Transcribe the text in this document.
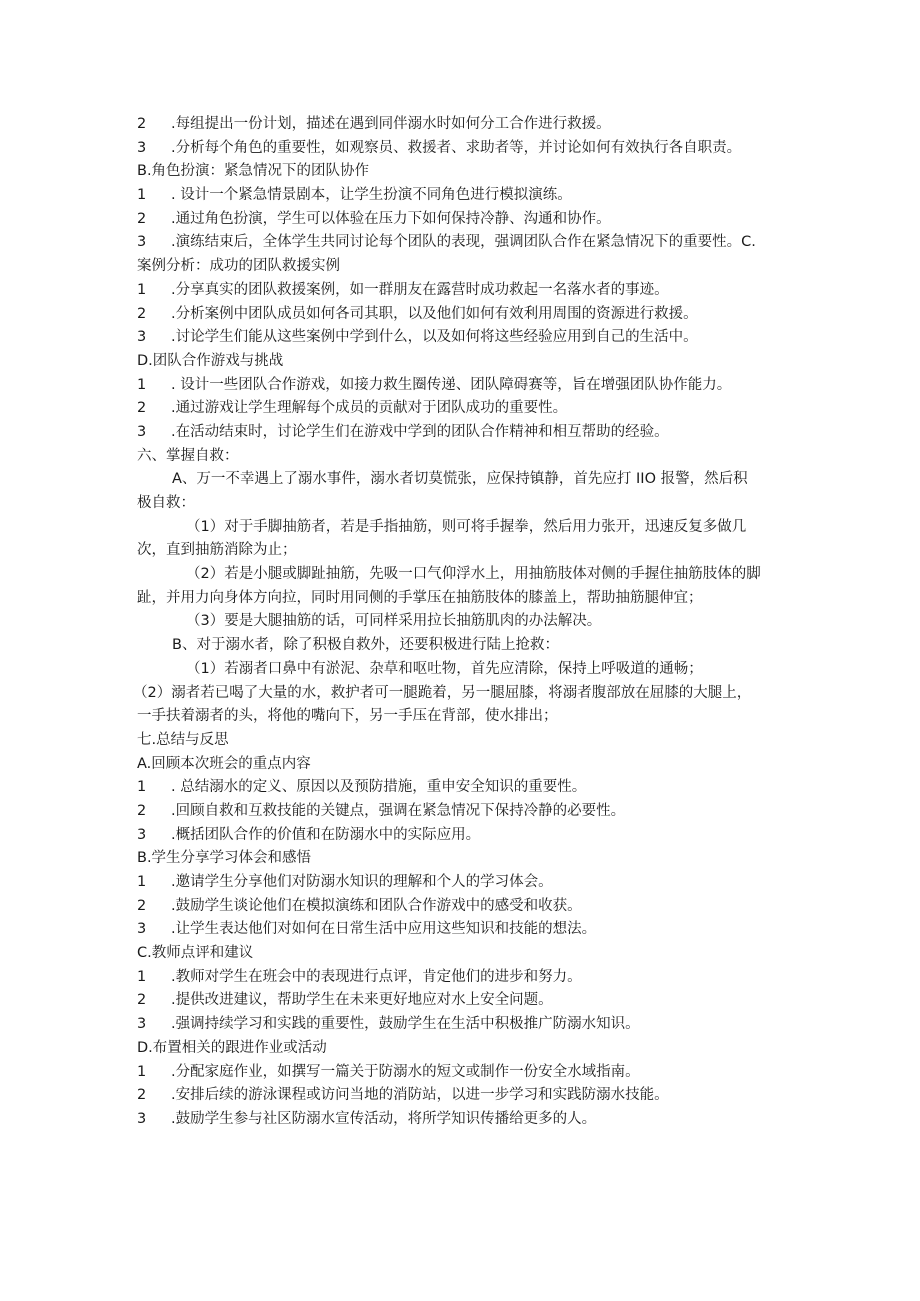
2 .每组提出一份计划，描述在遇到同伴溺水时如何分工合作进行救援。
3 .分析每个角色的重要性，如观察员、救援者、求助者等，并讨论如何有效执行各自职责。
B.角色扮演：紧急情况下的团队协作
1 . 设计一个紧急情景剧本，让学生扮演不同角色进行模拟演练。
2 .通过角色扮演，学生可以体验在压力下如何保持冷静、沟通和协作。
3 .演练结束后，全体学生共同讨论每个团队的表现，强调团队合作在紧急情况下的重要性。C.
案例分析：成功的团队救援实例
1 .分享真实的团队救援案例，如一群朋友在露营时成功救起一名落水者的事迹。
2 .分析案例中团队成员如何各司其职，以及他们如何有效利用周围的资源进行救援。
3 .讨论学生们能从这些案例中学到什么，以及如何将这些经验应用到自己的生活中。
D.团队合作游戏与挑战
1 . 设计一些团队合作游戏，如接力救生圈传递、团队障碍赛等，旨在增强团队协作能力。
2 .通过游戏让学生理解每个成员的贡献对于团队成功的重要性。
3 .在活动结束时，讨论学生们在游戏中学到的团队合作精神和相互帮助的经验。
六、掌握自救：
A、万一不幸遇上了溺水事件，溺水者切莫慌张，应保持镇静，首先应打 IIO 报警，然后积
极自救：
（1）对于手脚抽筋者，若是手指抽筋，则可将手握拳，然后用力张开，迅速反复多做几
次，直到抽筋消除为止；
（2）若是小腿或脚趾抽筋，先吸一口气仰浮水上，用抽筋肢体对侧的手握住抽筋肢体的脚
趾，并用力向身体方向拉，同时用同侧的手掌压在抽筋肢体的膝盖上，帮助抽筋腿伸宜；
（3）要是大腿抽筋的话，可同样采用拉长抽筋肌肉的办法解决。
B、对于溺水者，除了积极自救外，还要积极进行陆上抢救：
（1）若溺者口鼻中有淤泥、杂草和呕吐物，首先应清除，保持上呼吸道的通畅；
（2）溺者若已喝了大量的水，救护者可一腿跪着，另一腿屈膝，将溺者腹部放在屈膝的大腿上，
一手扶着溺者的头，将他的嘴向下，另一手压在背部，使水排出；
七.总结与反思
A.回顾本次班会的重点内容
1 . 总结溺水的定义、原因以及预防措施，重申安全知识的重要性。
2 .回顾自救和互救技能的关键点，强调在紧急情况下保持冷静的必要性。
3 .概括团队合作的价值和在防溺水中的实际应用。
B.学生分享学习体会和感悟
1 .邀请学生分享他们对防溺水知识的理解和个人的学习体会。
2 .鼓励学生谈论他们在模拟演练和团队合作游戏中的感受和收获。
3 .让学生表达他们对如何在日常生活中应用这些知识和技能的想法。
C.教师点评和建议
1 .教师对学生在班会中的表现进行点评，肯定他们的进步和努力。
2 .提供改进建议，帮助学生在未来更好地应对水上安全问题。
3 .强调持续学习和实践的重要性，鼓励学生在生活中积极推广防溺水知识。
D.布置相关的跟进作业或活动
1 .分配家庭作业，如撰写一篇关于防溺水的短文或制作一份安全水域指南。
2 .安排后续的游泳课程或访问当地的消防站，以进一步学习和实践防溺水技能。
3 .鼓励学生参与社区防溺水宣传活动，将所学知识传播给更多的人。
